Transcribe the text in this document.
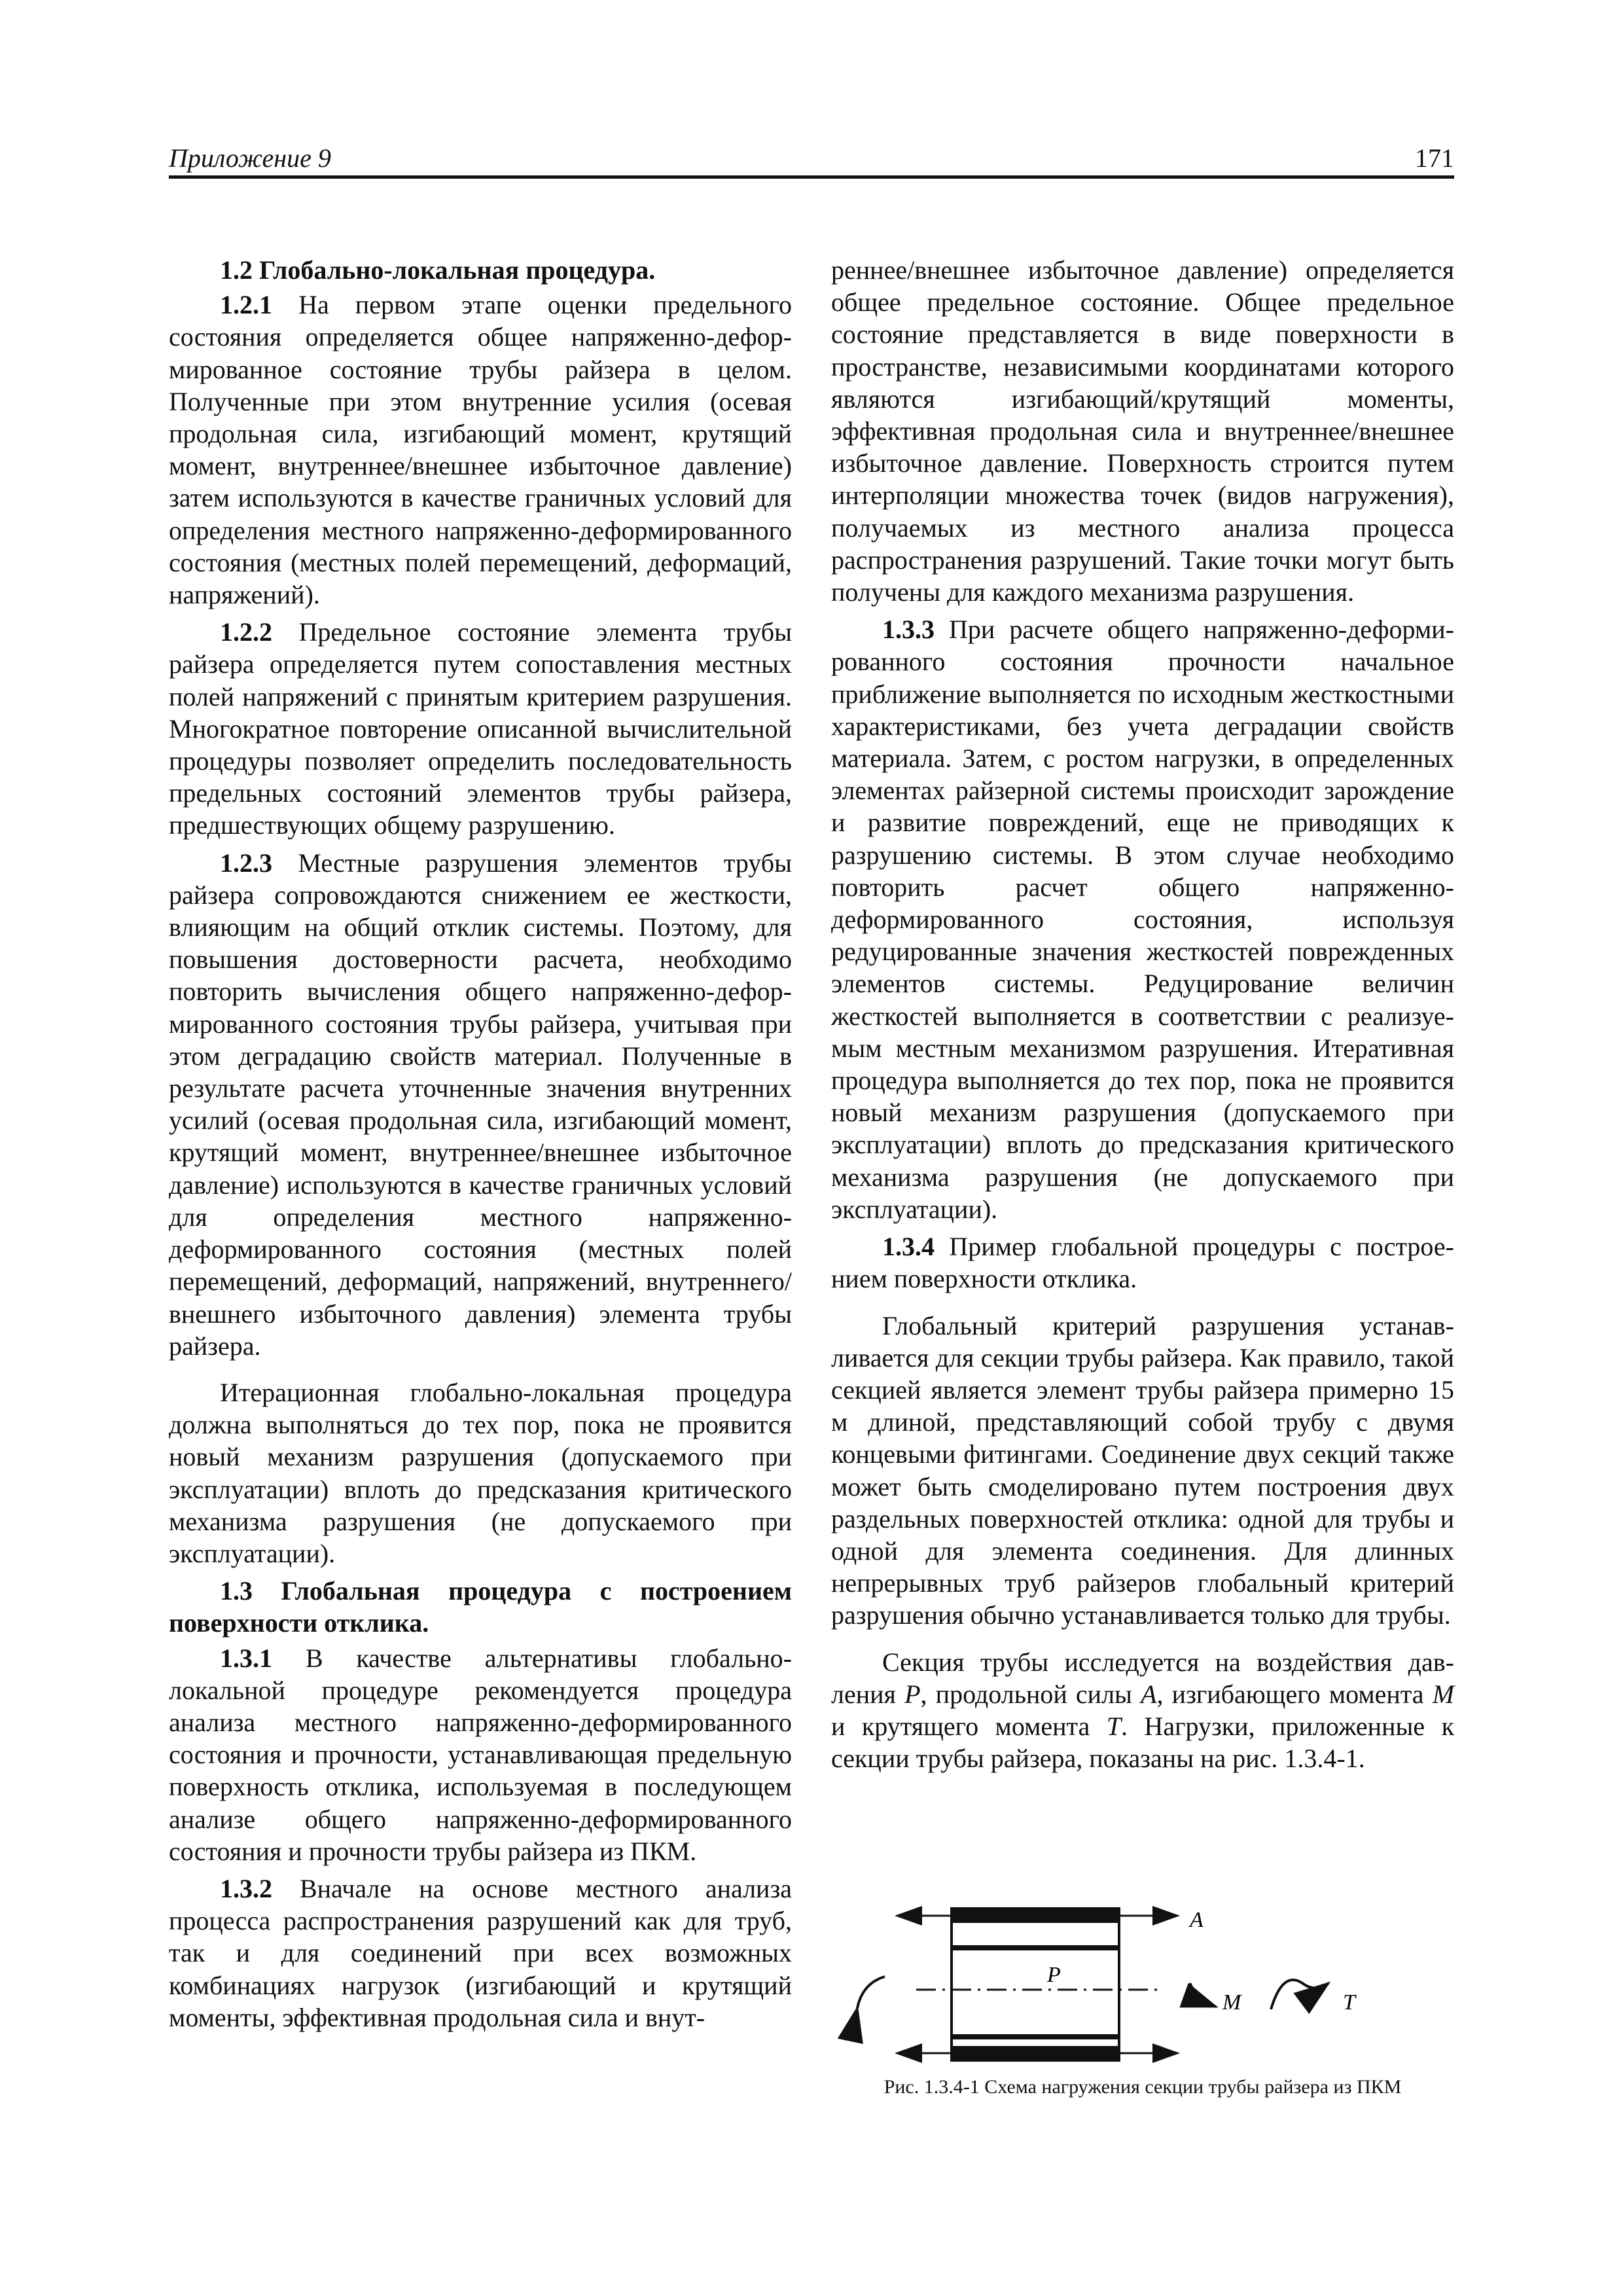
Приложение 9	171
1.2 Глобально-локальная процедура.

1.2.1 На первом этапе оценки предельного состояния определяется общее напряженно-деформированное состояние трубы райзера в целом. Полученные при этом внутренние усилия (осевая продольная сила, изгибающий момент, крутящий момент, внутреннее/внешнее избыточное давление) затем используются в качестве граничных условий для определения местного напряженно-деформированного состояния (местных полей перемещений, деформаций, напряжений).

1.2.2 Предельное состояние элемента трубы райзера определяется путем сопоставления местных полей напряжений с принятым критерием разрушения. Многократное повторение описанной вычислительной процедуры позволяет определить последовательность предельных состояний элементов трубы райзера, предшествующих общему разрушению.

1.2.3 Местные разрушения элементов трубы райзера сопровождаются снижением ее жесткости, влияющим на общий отклик системы. Поэтому, для повышения достоверности расчета, необходимо повторить вычисления общего напряженно-деформированного состояния трубы райзера, учитывая при этом деградацию свойств материал. Полученные в результате расчета уточненные значения внутренних усилий (осевая продольная сила, изгибающий момент, крутящий момент, внутреннее/внешнее избыточное давление) используются в качестве граничных условий для определения местного напряженно-деформированного состояния (местных полей перемещений, деформаций, напряжений, внутреннего/внешнего избыточного давления) элемента трубы райзера.

Итерационная глобально-локальная процедура должна выполняться до тех пор, пока не проявится новый механизм разрушения (допускаемого при эксплуатации) вплоть до предсказания критического механизма разрушения (не допускаемого при эксплуатации).

1.3 Глобальная процедура с построением поверхности отклика.

1.3.1 В качестве альтернативы глобально-локальной процедуре рекомендуется процедура анализа местного напряженно-деформированного состояния и прочности, устанавливающая предельную поверхность отклика, используемая в последующем анализе общего напряженно-деформированного состояния и прочности трубы райзера из ПКМ.

1.3.2 Вначале на основе местного анализа процесса распространения разрушений как для труб, так и для соединений при всех возможных комбинациях нагрузок (изгибающий и крутящий моменты, эффективная продольная сила и внут-

реннее/внешнее избыточное давление) определяется общее предельное состояние. Общее предельное состояние представляется в виде поверхности в пространстве, независимыми координатами которого являются изгибающий/крутящий моменты, эффективная продольная сила и внутреннее/внешнее избыточное давление. Поверхность строится путем интерполяции множества точек (видов нагружения), получаемых из местного анализа процесса распространения разрушений. Такие точки могут быть получены для каждого механизма разрушения.

1.3.3 При расчете общего напряженно-деформированного состояния прочности начальное приближение выполняется по исходным жесткостными характеристиками, без учета деградации свойств материала. Затем, с ростом нагрузки, в определенных элементах райзерной системы происходит зарождение и развитие повреждений, еще не приводящих к разрушению системы. В этом случае необходимо повторить расчет общего напряженно-деформированного состояния, используя редуцированные значения жесткостей поврежденных элементов системы. Редуцирование величин жесткостей выполняется в соответствии с реализуемым местным механизмом разрушения. Итеративная процедура выполняется до тех пор, пока не проявится новый механизм разрушения (допускаемого при эксплуатации) вплоть до предсказания критического механизма разрушения (не допускаемого при эксплуатации).

1.3.4 Пример глобальной процедуры с построением поверхности отклика.

Глобальный критерий разрушения устанавливается для секции трубы райзера. Как правило, такой секцией является элемент трубы райзера примерно 15 м длиной, представляющий собой трубу с двумя концевыми фитингами. Соединение двух секций также может быть смоделировано путем построения двух раздельных поверхностей отклика: одной для трубы и одной для элемента соединения. Для длинных непрерывных труб райзеров глобальный критерий разрушения обычно устанавливается только для трубы.

Секция трубы исследуется на воздействия давления P, продольной силы A, изгибающего момента M и крутящего момента T. Нагрузки, приложенные к секции трубы райзера, показаны на рис. 1.3.4-1.

A
P
M	T
Рис. 1.3.4-1 Схема нагружения секции трубы райзера из ПКМ
